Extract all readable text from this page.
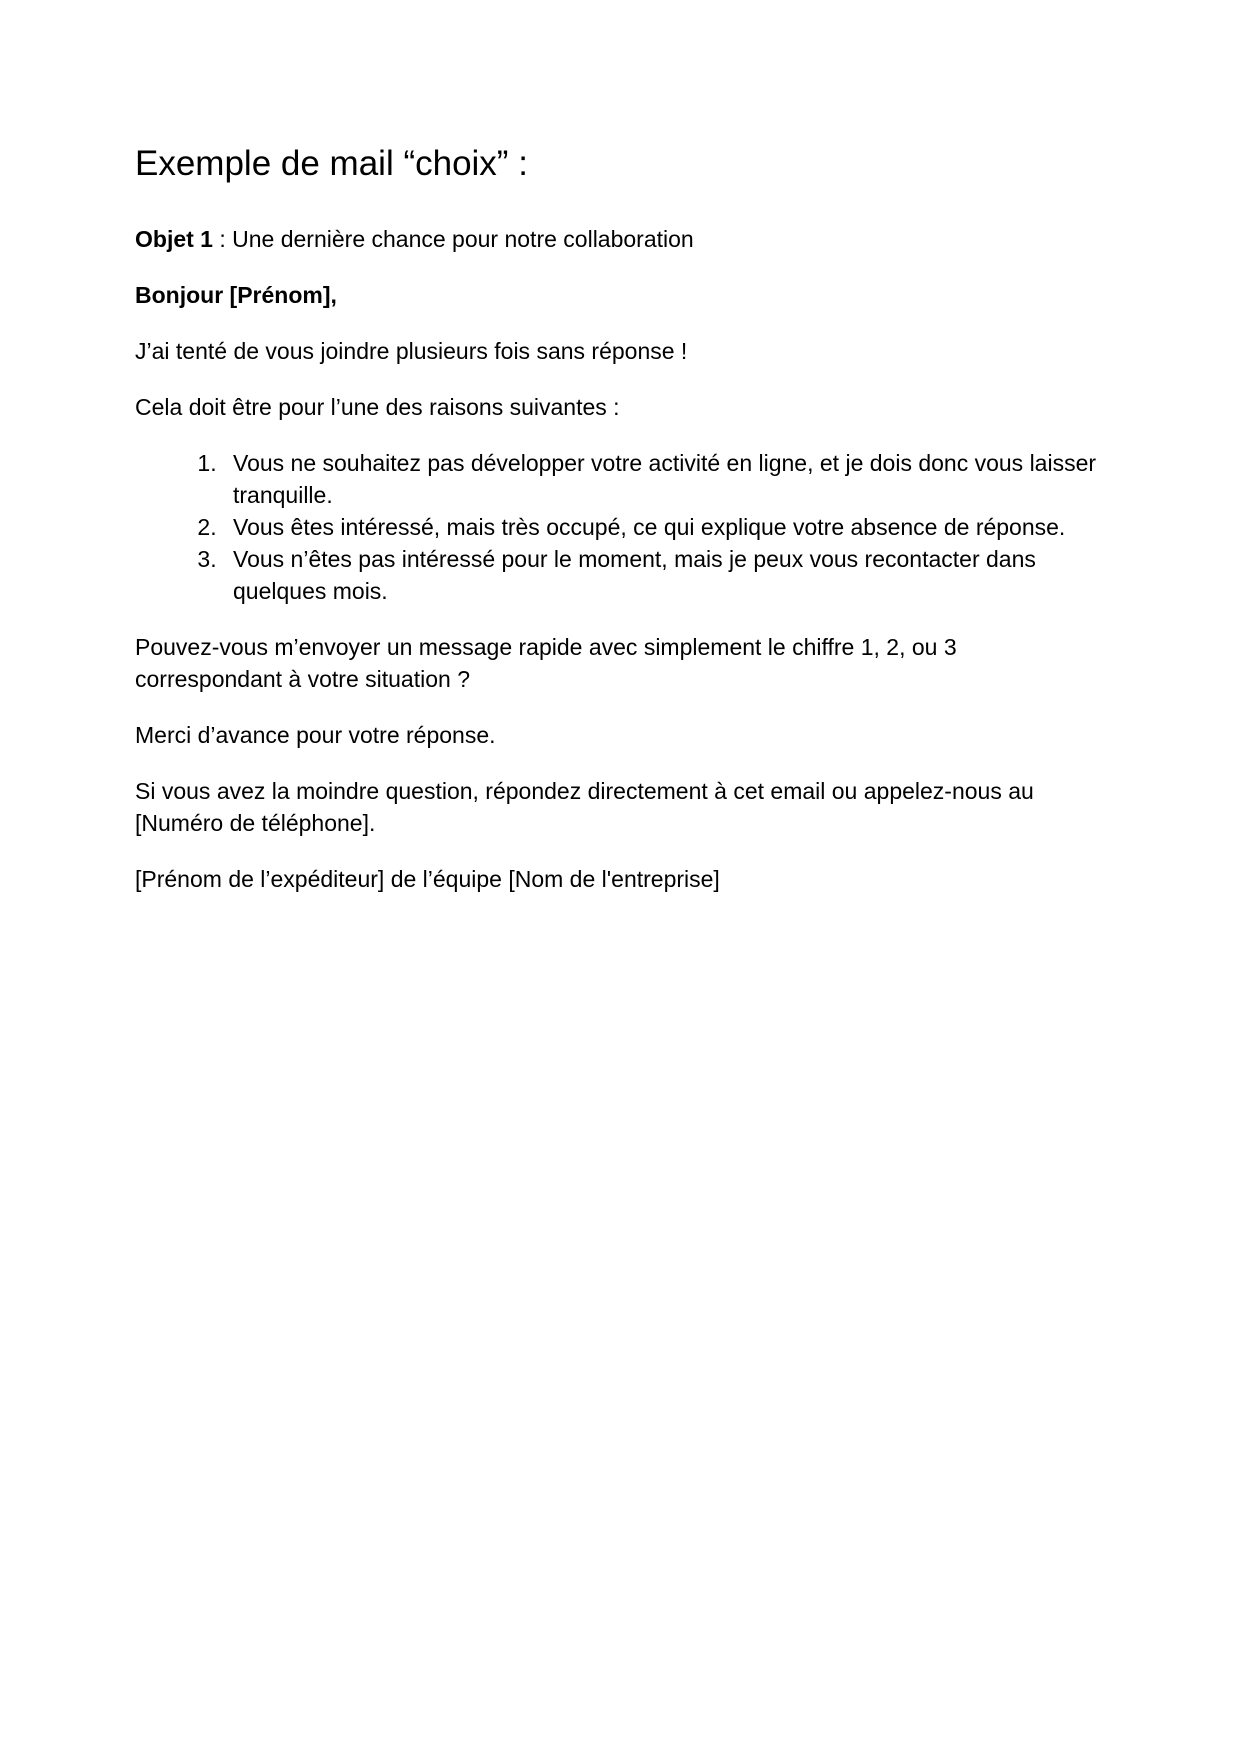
Exemple de mail “choix” :

Objet 1 : Une dernière chance pour notre collaboration

Bonjour [Prénom],

J’ai tenté de vous joindre plusieurs fois sans réponse !

Cela doit être pour l’une des raisons suivantes :

1. Vous ne souhaitez pas développer votre activité en ligne, et je dois donc vous laisser tranquille.
2. Vous êtes intéressé, mais très occupé, ce qui explique votre absence de réponse.
3. Vous n’êtes pas intéressé pour le moment, mais je peux vous recontacter dans quelques mois.

Pouvez-vous m’envoyer un message rapide avec simplement le chiffre 1, 2, ou 3 correspondant à votre situation ?

Merci d’avance pour votre réponse.

Si vous avez la moindre question, répondez directement à cet email ou appelez-nous au [Numéro de téléphone].

[Prénom de l’expéditeur] de l’équipe [Nom de l'entreprise]
